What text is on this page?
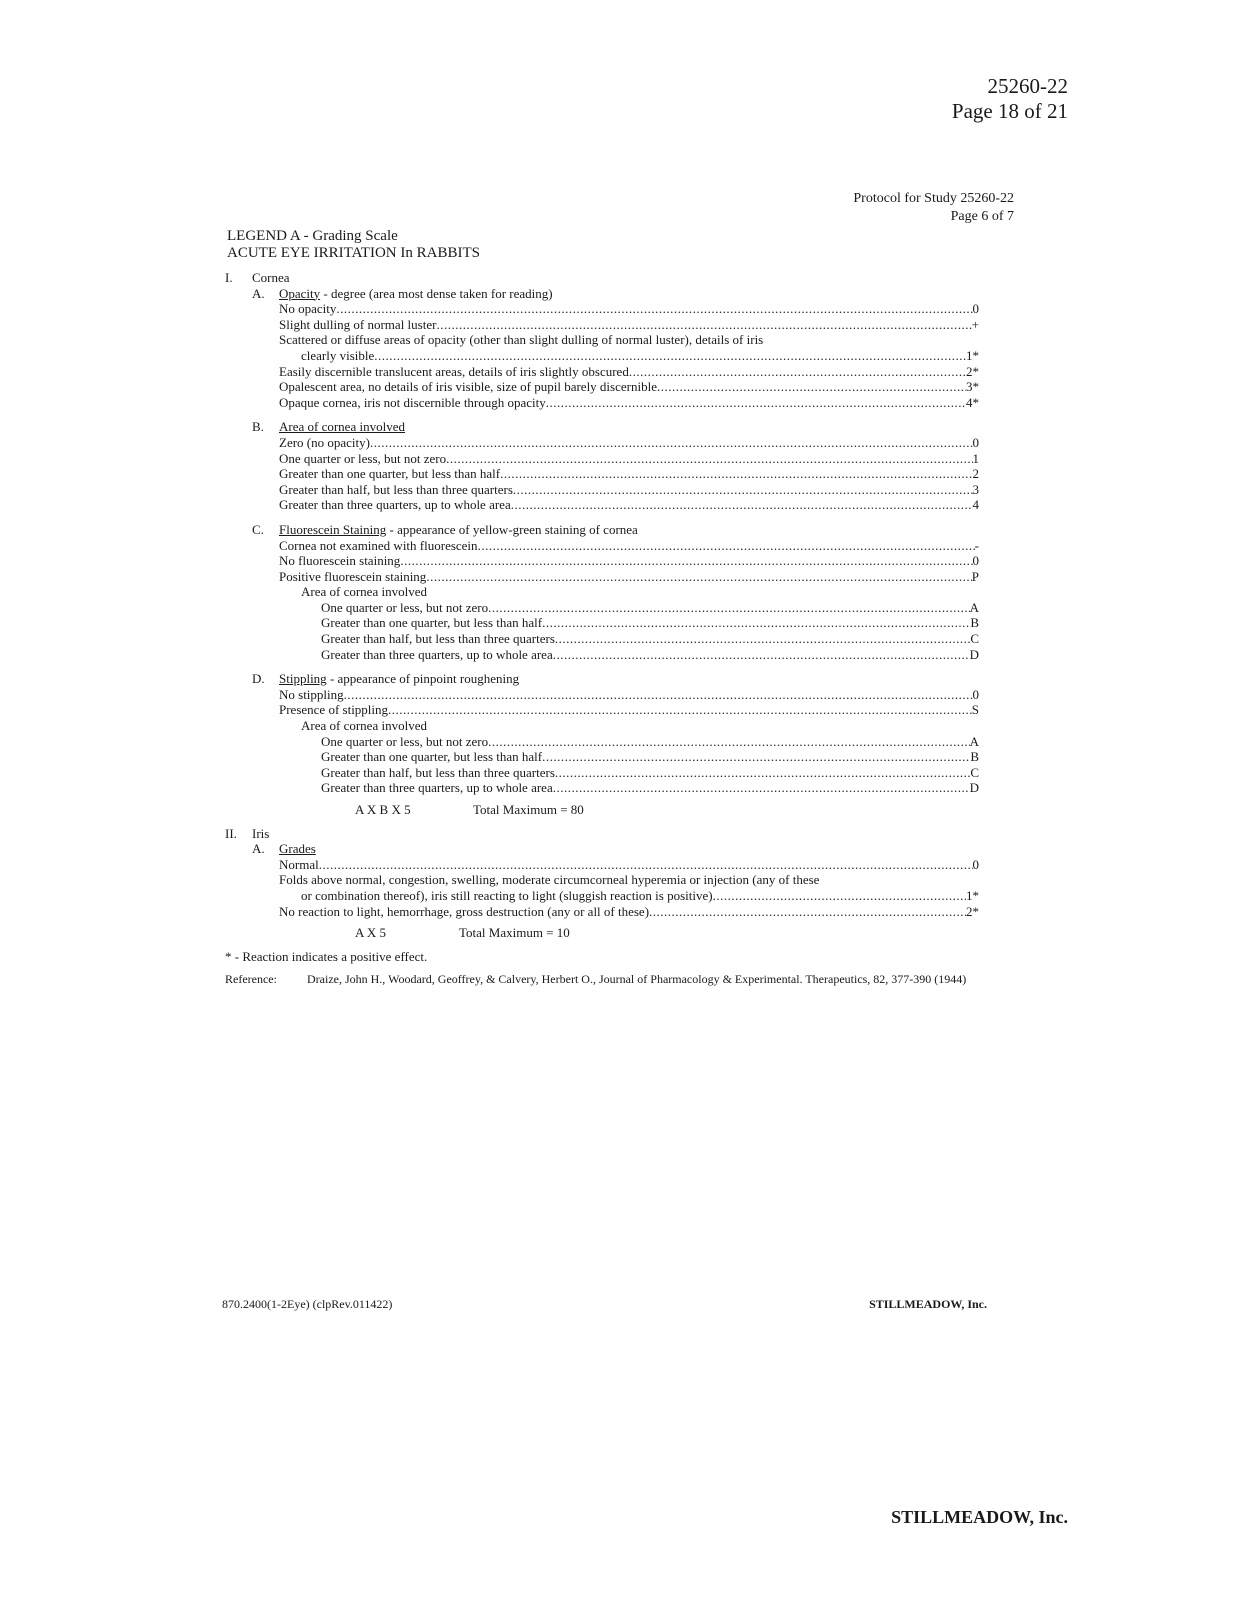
25260-22
Page 18 of 21
Protocol for Study 25260-22
Page 6 of 7
LEGEND A - Grading Scale
ACUTE EYE IRRITATION In RABBITS
I. Cornea
A. Opacity - degree (area most dense taken for reading)
No opacity .....	0
Slight dulling of normal luster .....	+
Scattered or diffuse areas of opacity (other than slight dulling of normal luster), details of iris
clearly visible .....	1*
Easily discernible translucent areas, details of iris slightly obscured .....	2*
Opalescent area, no details of iris visible, size of pupil barely discernible .....	3*
Opaque cornea, iris not discernible through opacity .....	4*
B. Area of cornea involved
Zero (no opacity) .....	0
One quarter or less, but not zero .....	1
Greater than one quarter, but less than half .....	2
Greater than half, but less than three quarters .....	3
Greater than three quarters, up to whole area .....	4
C. Fluorescein Staining - appearance of yellow-green staining of cornea
Cornea not examined with fluorescein .....	-
No fluorescein staining .....	0
Positive fluorescein staining .....	P
Area of cornea involved
One quarter or less, but not zero .....	A
Greater than one quarter, but less than half .....	B
Greater than half, but less than three quarters .....	C
Greater than three quarters, up to whole area .....	D
D. Stippling - appearance of pinpoint roughening
No stippling .....	0
Presence of stippling .....	S
Area of cornea involved
One quarter or less, but not zero .....	A
Greater than one quarter, but less than half .....	B
Greater than half, but less than three quarters .....	C
Greater than three quarters, up to whole area .....	D
A X B X 5	Total Maximum = 80
II. Iris
A. Grades
Normal .....	0
Folds above normal, congestion, swelling, moderate circumcorneal hyperemia or injection (any of these
or combination thereof), iris still reacting to light (sluggish reaction is positive) .....	1*
No reaction to light, hemorrhage, gross destruction (any or all of these) .....	2*
A X 5	Total Maximum = 10
* - Reaction indicates a positive effect.
Reference:	Draize, John H., Woodard, Geoffrey, & Calvery, Herbert O., Journal of Pharmacology & Experimental. Therapeutics, 82, 377-390 (1944)
870.2400(1-2Eye) (clpRev.011422)	STILLMEADOW, Inc.
STILLMEADOW, Inc.
